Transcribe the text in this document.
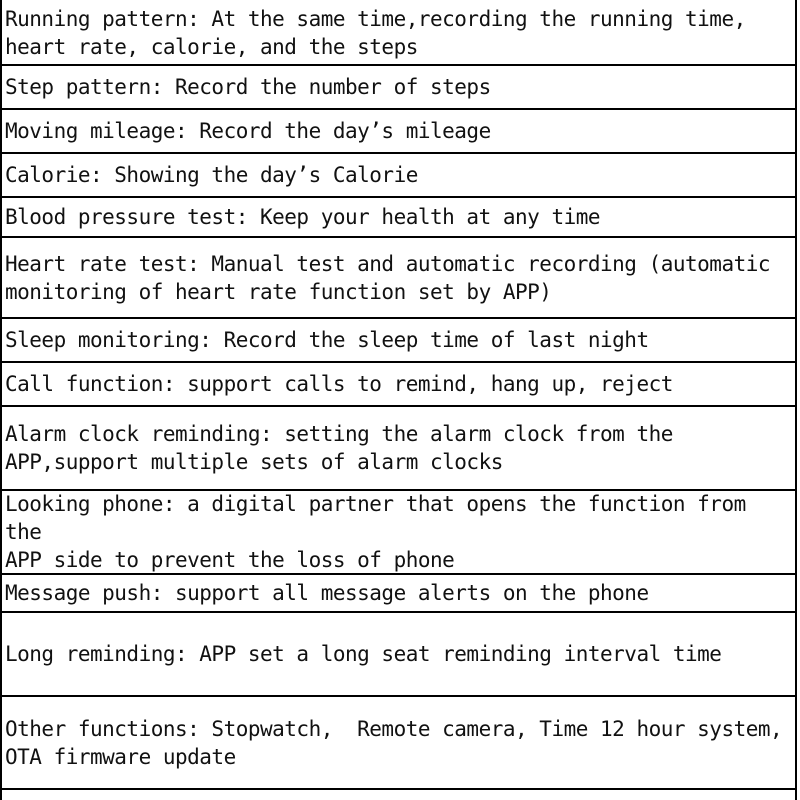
Running pattern: At the same time,recording the running time,
heart rate, calorie, and the steps
Step pattern: Record the number of steps
Moving mileage: Record the day’s mileage
Calorie: Showing the day’s Calorie
Blood pressure test: Keep your health at any time
Heart rate test: Manual test and automatic recording (automatic
monitoring of heart rate function set by APP)
Sleep monitoring: Record the sleep time of last night
Call function: support calls to remind, hang up, reject
Alarm clock reminding: setting the alarm clock from the
APP,support multiple sets of alarm clocks
Looking phone: a digital partner that opens the function from the
APP side to prevent the loss of phone
Message push: support all message alerts on the phone
Long reminding: APP set a long seat reminding interval time
Other functions: Stopwatch,  Remote camera, Time 12 hour system,
OTA firmware update
